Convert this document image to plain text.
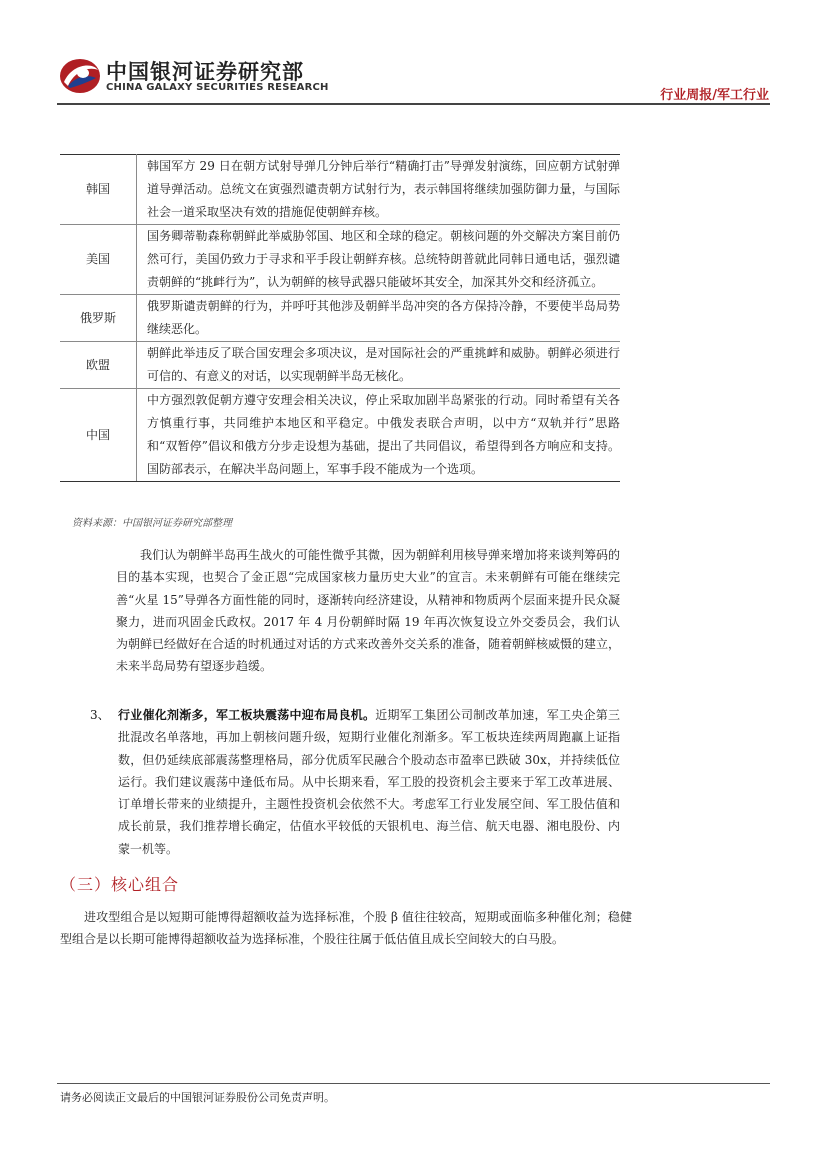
中国银河证券研究部
CHINA GALAXY SECURITIES RESEARCH
行业周报/军工行业
韩国	韩国军方 29 日在朝方试射导弹几分钟后举行“精确打击”导弹发射演练，回应朝方试射弹道导弹活动。总统文在寅强烈谴责朝方试射行为，表示韩国将继续加强防御力量，与国际社会一道采取坚决有效的措施促使朝鲜弃核。
美国	国务卿蒂勒森称朝鲜此举威胁邻国、地区和全球的稳定。朝核问题的外交解决方案目前仍然可行，美国仍致力于寻求和平手段让朝鲜弃核。总统特朗普就此同韩日通电话，强烈谴责朝鲜的“挑衅行为”，认为朝鲜的核导武器只能破坏其安全，加深其外交和经济孤立。
俄罗斯	俄罗斯谴责朝鲜的行为，并呼吁其他涉及朝鲜半岛冲突的各方保持冷静，不要使半岛局势继续恶化。
欧盟	朝鲜此举违反了联合国安理会多项决议，是对国际社会的严重挑衅和威胁。朝鲜必须进行可信的、有意义的对话，以实现朝鲜半岛无核化。
中国	中方强烈敦促朝方遵守安理会相关决议，停止采取加剧半岛紧张的行动。同时希望有关各方慎重行事，共同维护本地区和平稳定。中俄发表联合声明，以中方“双轨并行”思路和“双暂停”倡议和俄方分步走设想为基础，提出了共同倡议，希望得到各方响应和支持。国防部表示，在解决半岛问题上，军事手段不能成为一个选项。
资料来源：中国银河证券研究部整理
我们认为朝鲜半岛再生战火的可能性微乎其微，因为朝鲜利用核导弹来增加将来谈判筹码的目的基本实现，也契合了金正恩“完成国家核力量历史大业”的宣言。未来朝鲜有可能在继续完善“火星 15”导弹各方面性能的同时，逐渐转向经济建设，从精神和物质两个层面来提升民众凝聚力，进而巩固金氏政权。2017 年 4 月份朝鲜时隔 19 年再次恢复设立外交委员会，我们认为朝鲜已经做好在合适的时机通过对话的方式来改善外交关系的准备，随着朝鲜核威慑的建立，未来半岛局势有望逐步趋缓。
3、 行业催化剂渐多，军工板块震荡中迎布局良机。近期军工集团公司制改革加速，军工央企第三批混改名单落地，再加上朝核问题升级，短期行业催化剂渐多。军工板块连续两周跑赢上证指数，但仍延续底部震荡整理格局，部分优质军民融合个股动态市盈率已跌破 30x，并持续低位运行。我们建议震荡中逢低布局。从中长期来看，军工股的投资机会主要来于军工改革进展、订单增长带来的业绩提升，主题性投资机会依然不大。考虑军工行业发展空间、军工股估值和成长前景，我们推荐增长确定，估值水平较低的天银机电、海兰信、航天电器、湘电股份、内蒙一机等。
（三）核心组合
进攻型组合是以短期可能博得超额收益为选择标准，个股 β 值往往较高，短期或面临多种催化剂；稳健型组合是以长期可能博得超额收益为选择标准，个股往往属于低估值且成长空间较大的白马股。
请务必阅读正文最后的中国银河证券股份公司免责声明。
